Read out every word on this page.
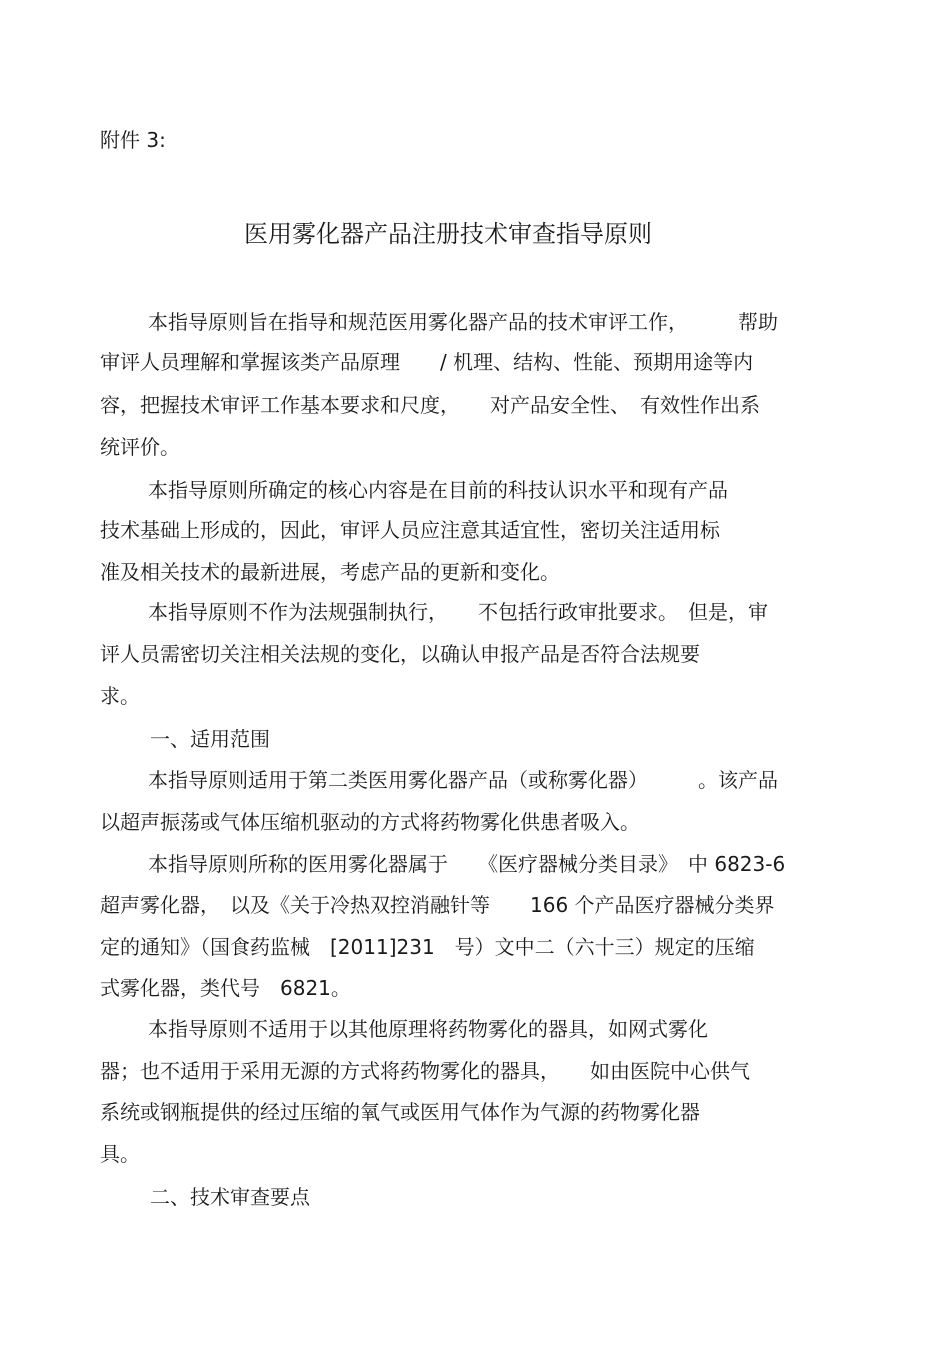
附件 3:
医用雾化器产品注册技术审查指导原则
本指导原则旨在指导和规范医用雾化器产品的技术审评工作，　　　帮助
审评人员理解和掌握该类产品原理　　/ 机理、结构、性能、预期用途等内
容，把握技术审评工作基本要求和尺度，　　对产品安全性、　有效性作出系
统评价。
本指导原则所确定的核心内容是在目前的科技认识水平和现有产品
技术基础上形成的，因此，审评人员应注意其适宜性，密切关注适用标
准及相关技术的最新进展，考虑产品的更新和变化。
本指导原则不作为法规强制执行，　　不包括行政审批要求。　但是，审
评人员需密切关注相关法规的变化，以确认申报产品是否符合法规要
求。
一、适用范围
本指导原则适用于第二类医用雾化器产品（或称雾化器）　　　。该产品
以超声振荡或气体压缩机驱动的方式将药物雾化供患者吸入。
本指导原则所称的医用雾化器属于　　《医疗器械分类目录》　中 6823-6
超声雾化器，　以及《关于冷热双控消融针等　　166 个产品医疗器械分类界
定的通知》（国食药监械　[2011]231　号）文中二（六十三）规定的压缩
式雾化器，类代号　6821。
本指导原则不适用于以其他原理将药物雾化的器具，如网式雾化
器；也不适用于采用无源的方式将药物雾化的器具，　　如由医院中心供气
系统或钢瓶提供的经过压缩的氧气或医用气体作为气源的药物雾化器
具。
二、技术审查要点
